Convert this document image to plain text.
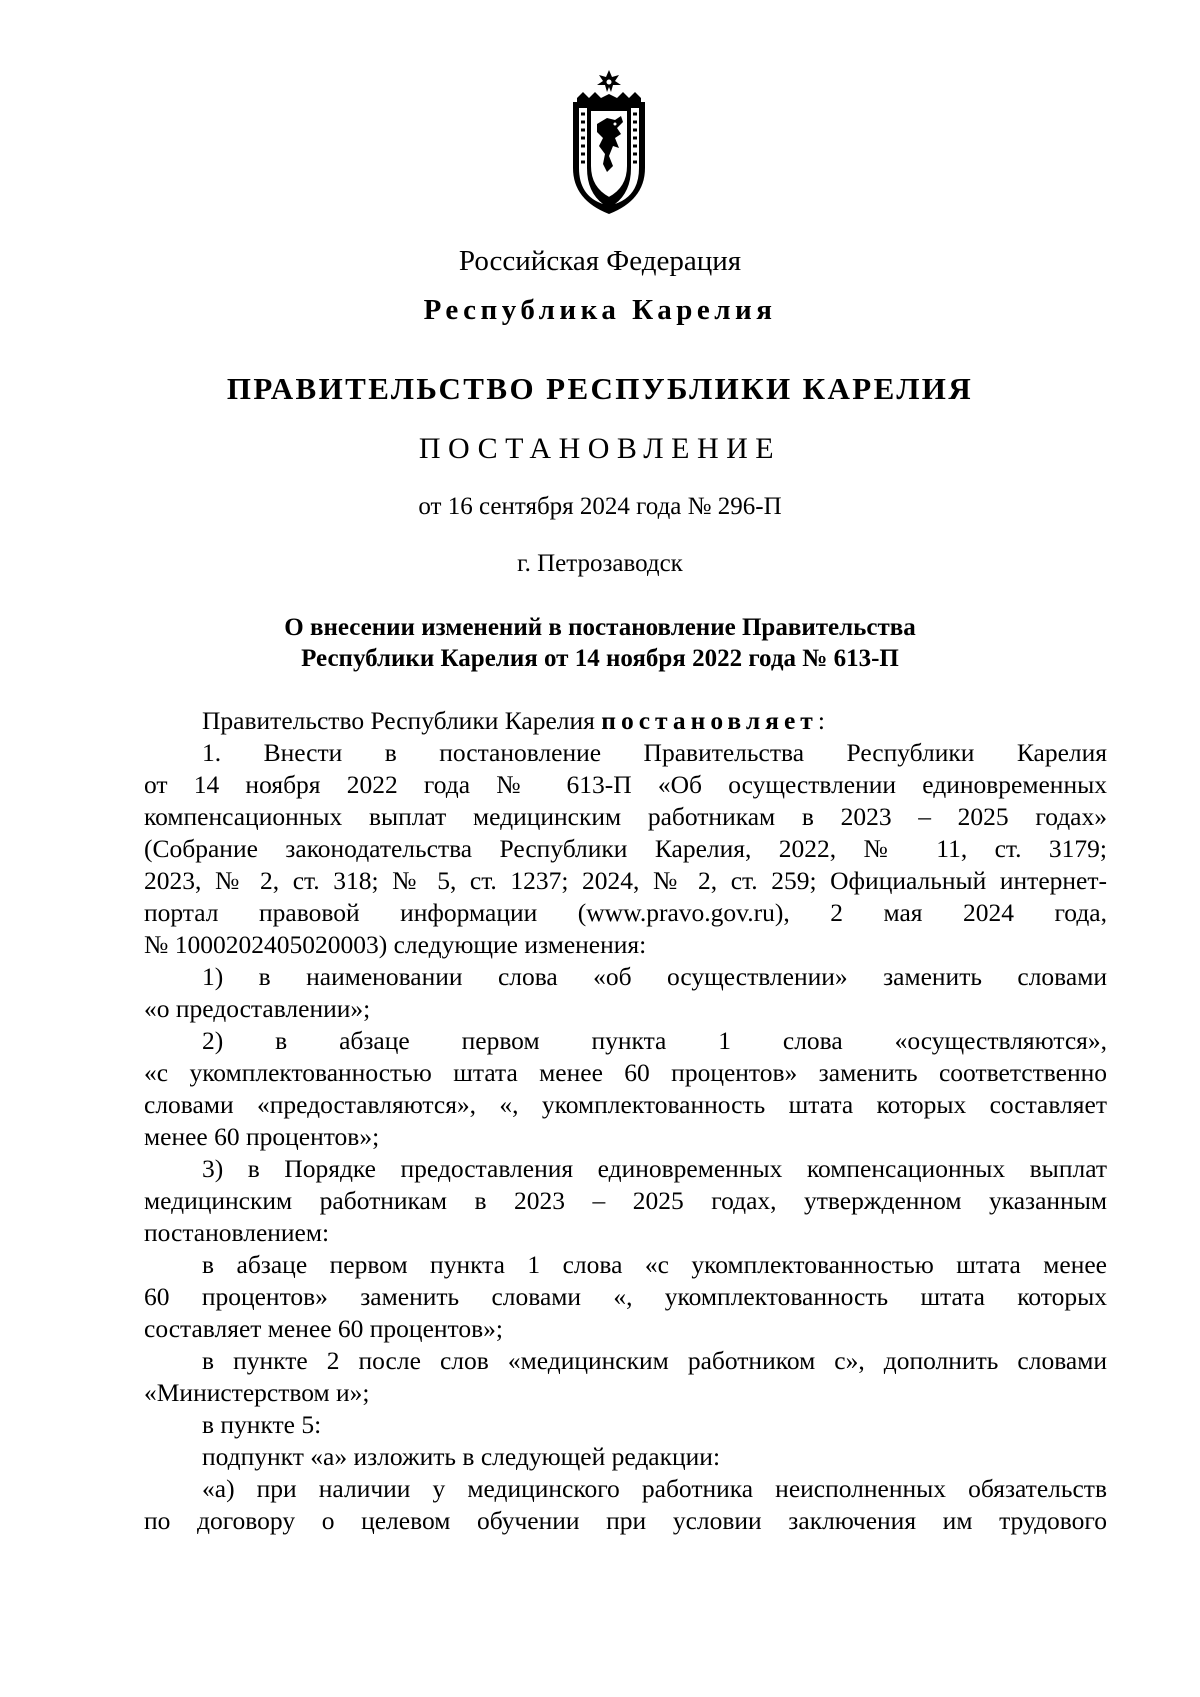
Российская Федерация
Республика Карелия
ПРАВИТЕЛЬСТВО РЕСПУБЛИКИ КАРЕЛИЯ
ПОСТАНОВЛЕНИЕ
от 16 сентября 2024 года № 296-П
г. Петрозаводск
О внесении изменений в постановление Правительства
Республики Карелия от 14 ноября 2022 года № 613-П
Правительство Республики Карелия постановляет:
1. Внести в постановление Правительства Республики Карелия
от 14 ноября 2022 года № 613-П «Об осуществлении единовременных
компенсационных выплат медицинским работникам в 2023 – 2025 годах»
(Собрание законодательства Республики Карелия, 2022, № 11, ст. 3179;
2023, № 2, ст. 318; № 5, ст. 1237; 2024, № 2, ст. 259; Официальный интернет-
портал правовой информации (www.pravo.gov.ru), 2 мая 2024 года,
№ 1000202405020003) следующие изменения:
1) в наименовании слова «об осуществлении» заменить словами
«о предоставлении»;
2) в абзаце первом пункта 1 слова «осуществляются»,
«с укомплектованностью штата менее 60 процентов» заменить соответственно
словами «предоставляются», «, укомплектованность штата которых составляет
менее 60 процентов»;
3) в Порядке предоставления единовременных компенсационных выплат
медицинским работникам в 2023 – 2025 годах, утвержденном указанным
постановлением:
в абзаце первом пункта 1 слова «с укомплектованностью штата менее
60 процентов» заменить словами «, укомплектованность штата которых
составляет менее 60 процентов»;
в пункте 2 после слов «медицинским работником с», дополнить словами
«Министерством и»;
в пункте 5:
подпункт «а» изложить в следующей редакции:
«а) при наличии у медицинского работника неисполненных обязательств
по договору о целевом обучении при условии заключения им трудового
